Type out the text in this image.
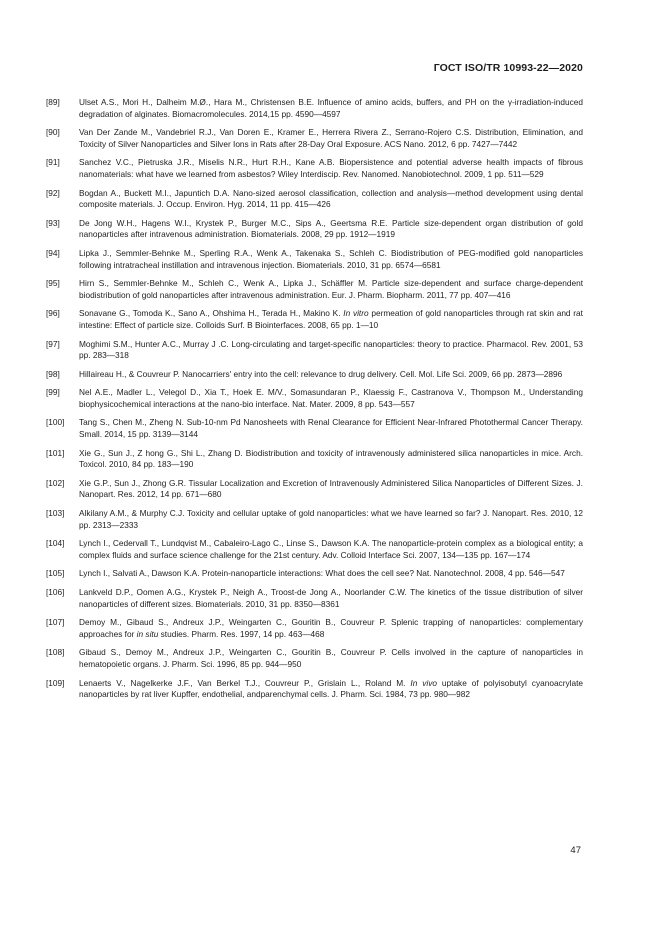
ГОСТ ISO/TR 10993-22—2020
[89]	Ulset A.S., Mori H., Dalheim M.Ø., Hara M., Christensen B.E. Influence of amino acids, buffers, and PH on the γ-irradiation-induced degradation of alginates. Biomacromolecules. 2014,15 pp. 4590—4597
[90]	Van Der Zande M., Vandebriel R.J., Van Doren E., Kramer E., Herrera Rivera Z., Serrano-Rojero C.S. Distribution, Elimination, and Toxicity of Silver Nanoparticles and Silver Ions in Rats after 28-Day Oral Exposure. ACS Nano. 2012, 6 pp. 7427—7442
[91]	Sanchez V.C., Pietruska J.R., Miselis N.R., Hurt R.H., Kane A.B. Biopersistence and potential adverse health impacts of fibrous nanomaterials: what have we learned from asbestos? Wiley Interdiscip. Rev. Nanomed. Nanobiotechnol. 2009, 1 pp. 511—529
[92]	Bogdan A., Buckett M.I., Japuntich D.A. Nano-sized aerosol classification, collection and analysis—method development using dental composite materials. J. Occup. Environ. Hyg. 2014, 11 pp. 415—426
[93]	De Jong W.H., Hagens W.I., Krystek P., Burger M.C., Sips A., Geertsma R.E. Particle size-dependent organ distribution of gold nanoparticles after intravenous administration. Biomaterials. 2008, 29 pp. 1912—1919
[94]	Lipka J., Semmler-Behnke M., Sperling R.A., Wenk A., Takenaka S., Schleh C. Biodistribution of PEG-modified gold nanoparticles following intratracheal instillation and intravenous injection. Biomaterials. 2010, 31 pp. 6574—6581
[95]	Hirn S., Semmler-Behnke M., Schleh C., Wenk A., Lipka J., Schäffler M. Particle size-dependent and surface charge-dependent biodistribution of gold nanoparticles after intravenous administration. Eur. J. Pharm. Biopharm. 2011, 77 pp. 407—416
[96]	Sonavane G., Tomoda K., Sano A., Ohshima H., Terada H., Makino K. In vitro permeation of gold nanoparticles through rat skin and rat intestine: Effect of particle size. Colloids Surf. B Biointerfaces. 2008, 65 pp. 1—10
[97]	Moghimi S.M., Hunter A.C., Murray J .C. Long-circulating and target-specific nanoparticles: theory to practice. Pharmacol. Rev. 2001, 53 pp. 283—318
[98]	Hillaireau H., & Couvreur P. Nanocarriers' entry into the cell: relevance to drug delivery. Cell. Mol. Life Sci. 2009, 66 pp. 2873—2896
[99]	Nel A.E., Madler L., Velegol D., Xia T., Hoek E. M/V., Somasundaran P., Klaessig F., Castranova V., Thompson M., Understanding biophysicochemical interactions at the nano-bio interface. Nat. Mater. 2009, 8 pp. 543—557
[100]	Tang S., Chen M., Zheng N. Sub-10-nm Pd Nanosheets with Renal Clearance for Efficient Near-Infrared Photothermal Cancer Therapy. Small. 2014, 15 pp. 3139—3144
[101]	Xie G., Sun J., Z hong G., Shi L., Zhang D. Biodistribution and toxicity of intravenously administered silica nanoparticles in mice. Arch. Toxicol. 2010, 84 pp. 183—190
[102]	Xie G.P., Sun J., Zhong G.R. Tissular Localization and Excretion of Intravenously Administered Silica Nanoparticles of Different Sizes. J. Nanopart. Res. 2012, 14 pp. 671—680
[103]	Alkilany A.M., & Murphy C.J. Toxicity and cellular uptake of gold nanoparticles: what we have learned so far? J. Nanopart. Res. 2010, 12 pp. 2313—2333
[104]	Lynch I., Cedervall T., Lundqvist M., Cabaleiro-Lago C., Linse S., Dawson K.A. The nanoparticle-protein complex as a biological entity; a complex fluids and surface science challenge for the 21st century. Adv. Colloid Interface Sci. 2007, 134—135 pp. 167—174
[105]	Lynch I., Salvati A., Dawson K.A. Protein-nanoparticle interactions: What does the cell see? Nat. Nanotechnol. 2008, 4 pp. 546—547
[106]	Lankveld D.P., Oomen A.G., Krystek P., Neigh A., Troost-de Jong A., Noorlander C.W. The kinetics of the tissue distribution of silver nanoparticles of different sizes. Biomaterials. 2010, 31 pp. 8350—8361
[107]	Demoy M., Gibaud S., Andreux J.P., Weingarten C., Gouritin B., Couvreur P. Splenic trapping of nanoparticles: complementary approaches for in situ studies. Pharm. Res. 1997, 14 pp. 463—468
[108]	Gibaud S., Demoy M., Andreux J.P., Weingarten C., Gouritin B., Couvreur P. Cells involved in the capture of nanoparticles in hematopoietic organs. J. Pharm. Sci. 1996, 85 pp. 944—950
[109]	Lenaerts V., Nagelkerke J.F., Van Berkel T.J., Couvreur P., Grislain L., Roland M. In vivo uptake of polyisobutyl cyanoacrylate nanoparticles by rat liver Kupffer, endothelial, andparenchymal cells. J. Pharm. Sci. 1984, 73 pp. 980—982
47
